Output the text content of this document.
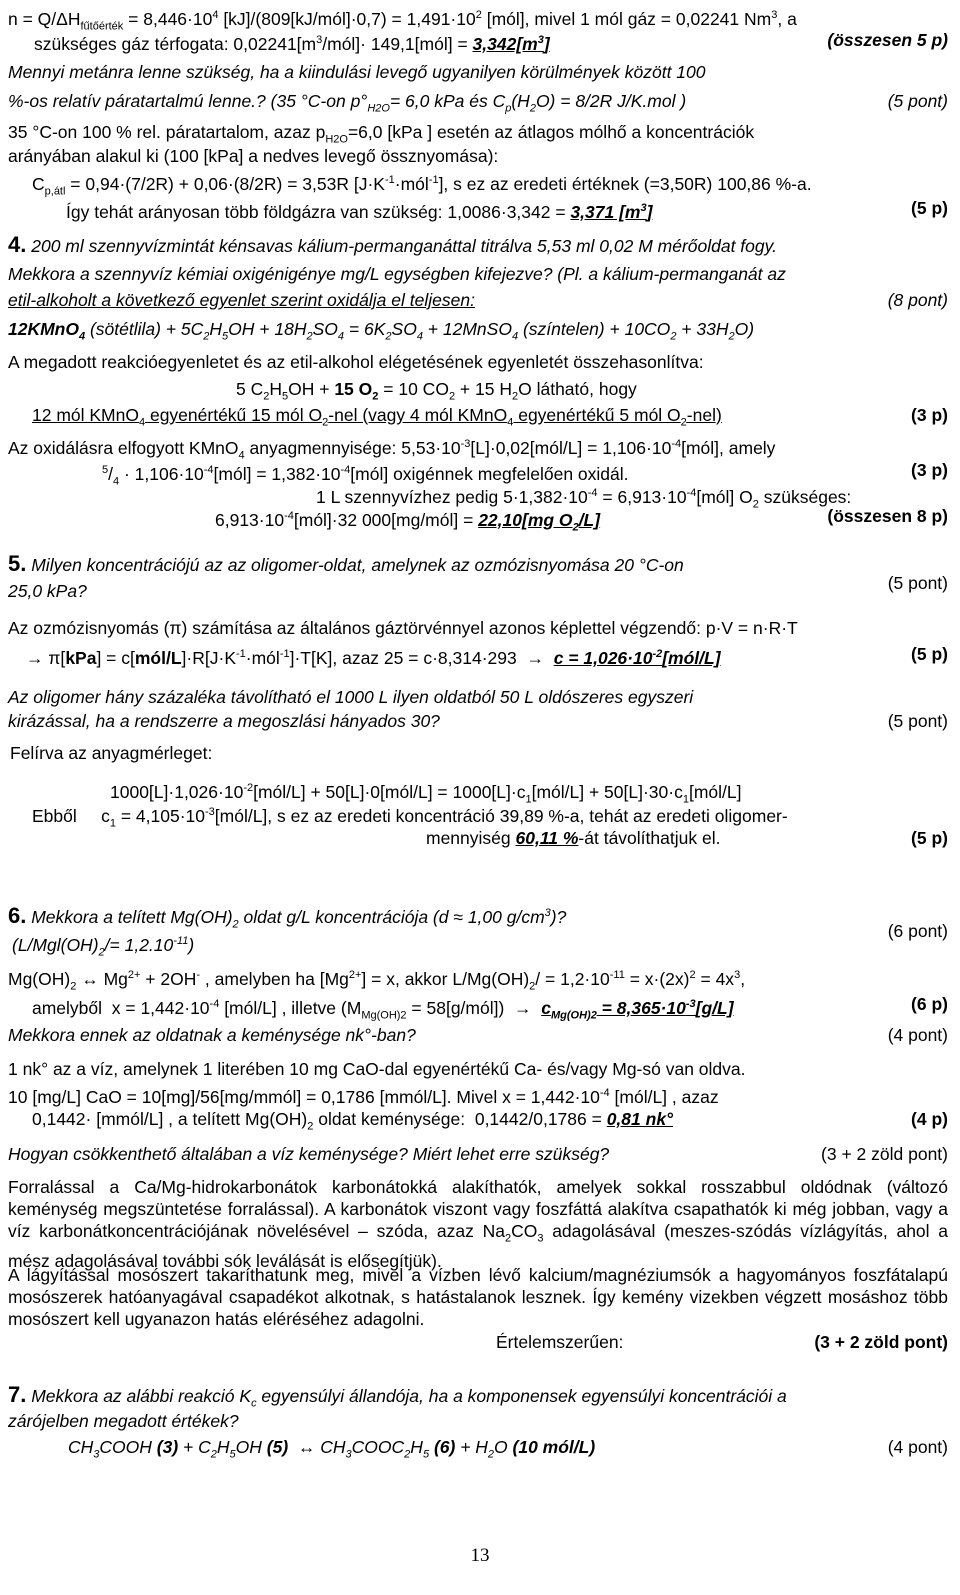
$n = Q/\Delta H_{fűtőérték} = 8,446\cdot 10^4$ [kJ]/(809[kJ/mól]·0,7) = $1,491\cdot 10^2$ [mól], mivel 1 mól gáz = 0,02241 Nm$^3$, a
szükséges gáz térfogata: $0,02241[m^3/mól]\cdot$ 149,1[mól] = $3,342[m^3]$	(összesen 5 p)
Mennyi metánra lenne szükség, ha a kiindulási levegő ugyanilyen körülmények között 100
%-os relatív páratartalmú lenne.? (35 °C-on $p^\circ_{H2O}= 6,0$ kPa és $C_p(H_2O) = 8/2R$ J/K.mol )	(5 pont)
35 °C-on 100 % rel. páratartalom, azaz $p_{H2O}=6,0$ [kPa ] esetén az átlagos mólhő a koncentrációk
arányában alakul ki (100 [kPa] a nedves levegő össznyomása):
$C_{p,átl} = 0,94\cdot(7/2R) + 0,06\cdot(8/2R) = 3,53R$ $[J\cdot K^{-1}\cdot mól^{-1}]$, s ez az eredeti értéknek (=3,50R) 100,86 %-a.
Így tehát arányosan több földgázra van szükség: 1,0086·3,342 = 3,371 $[m^3]$	(5 p)
4. 200 ml szennyvízmintát kénsavas kálium-permanganáttal titrálva 5,53 ml 0,02 M mérőoldat fogy.
Mekkora a szennyvíz kémiai oxigénigénye mg/L egységben kifejezve? (Pl. a kálium-permanganát az
etil-alkoholt a következő egyenlet szerint oxidálja el teljesen:	(8 pont)
12KMnO$_4$ (sötétlila) + $5C_2H_5OH + 18H_2SO_4 = 6K_2SO_4$ + 12MnSO$_4$ (színtelen) + $10CO_2 + 33H_2O$)
A megadott reakcióegyenletet és az etil-alkohol elégetésének egyenletét összehasonlítva:
5 $C_2H_5OH + 15$ $O_2 = 10$ $CO_2 + 15$ $H_2O$ látható, hogy
12 mól KMnO$_4$ egyenértékű 15 mól $O_2$-nel (vagy 4 mól KMnO$_4$ egyenértékű 5 mól $O_2-nel$)	(3 p)
Az oxidálásra elfogyott KMnO$_4$ anyagmennyisége: $5,53\cdot 10^{-3}[L]\cdot 0,02[mól/L]$ = $1,106\cdot 10^{-4}[mól]$, amely
$^5/_4$ · $1,106\cdot 10^{-4}[mól]$ = $1,382\cdot 10^{-4}[mól]$ oxigénnek megfelelően oxidál.	(3 p)
1 L szennyvízhez pedig $5\cdot 1,382\cdot 10^{-4}$ = $6,913\cdot 10^{-4}[mól]$ $O_2$ szükséges:
$6,913\cdot 10^{-4}[mól]\cdot 32$ 000[mg/mól] = 22,10[mg $O_2/L$]	(összesen 8 p)
5. Milyen koncentrációjú az az oligomer-oldat, amelynek az ozmózisnyomása 20 °C-on
25,0 kPa?	(5 pont)
Az ozmózisnyomás (π) számítása az általános gáztörvénnyel azonos képlettel végzendő: p·V = n·R·T
→ $\pi[kPa] = c[mól/L]\cdot R[J\cdot K^{-1}\cdot mól^{-1}]\cdot T[K]$, azaz $25 = c\cdot 8,314\cdot 293 \to c = 1,026\cdot 10^{-2}[mól/L]$	(5 p)
Az oligomer hány százaléka távolítható el 1000 L ilyen oldatból 50 L oldószeres egyszeri
kirázással, ha a rendszerre a megoszlási hányados 30?	(5 pont)
Felírva az anyagmérleget:
$1000[L]\cdot 1,026\cdot 10^{-2}[mól/L]$ + 50[L]·0[mól/L] = $1000[L]\cdot c_1[mól/L]$ + $50[L]\cdot 30\cdot c_1[mól/L]$
Ebből     $c_1$ = $4,105\cdot 10^{-3}[mól/L]$, s ez az eredeti koncentráció 39,89 %-a, tehát az eredeti oligomer-
mennyiség 60,11 %-át távolíthatjuk el.	(5 p)
6. Mekkora a telített $Mg(OH)_2$ oldat g/L koncentrációja (d ≈ 1,00 $g/cm^3$)?
$(L/Mgl(OH)_2/= 1,2.10^{-11})$
(6 pont)
$Mg(OH)_2$ ↔ $Mg^{2+} + 2OH^-$ , amelyben ha $[Mg^{2+}] = x$, akkor $L/Mg(OH)_2/ = 1,2\cdot 10^{-11} = x\cdot(2x)^2 = 4x^3$,
amelyből  $x = 1,442\cdot 10^{-4}$ [mól/L] , illetve ($M_{Mg(OH)2}$ = 58[g/mól])  →  $c_{Mg(OH)2} = 8,365\cdot 10^{-3}[g/L]$	(6 p)
Mekkora ennek az oldatnak a keménysége nk°-ban?	(4 pont)
1 nk° az a víz, amelynek 1 literében 10 mg CaO-dal egyenértékű Ca- és/vagy Mg-só van oldva.
10 [mg/L] CaO = 10[mg]/56[mg/mmól] = 0,1786 [mmól/L]. Mivel $x = 1,442\cdot 10^{-4}$ [mól/L] , azaz
0,1442· [mmól/L] , a telített $Mg(OH)_2$ oldat keménysége:  0,1442/0,1786 = 0,81 nk°	(4 p)
Hogyan csökkenthető általában a víz keménysége? Miért lehet erre szükség?	(3 + 2 zöld pont)
Forralással a Ca/Mg-hidrokarbonátok karbonátokká alakíthatók, amelyek sokkal rosszabbul oldódnak (változó keménység megszüntetése forralással). A karbonátok viszont vagy foszfáttá alakítva csapathatók ki még jobban, vagy a víz karbonátkoncentrációjának növelésével – szóda, azaz $Na_2CO_3$ adagolásával (meszes-szódás vízlágyítás, ahol a mész adagolásával további sók leválását is elősegítjük).
A lágyítással mosószert takaríthatunk meg, mivel a vízben lévő kalcium/magnéziumsók a hagyományos foszfátalapú mosószerek hatóanyagával csapadékot alkotnak, s hatástalanok lesznek. Így kemény vizekben végzett mosáshoz több mosószert kell ugyanazon hatás eléréséhez adagolni.
Értelemszerűen:	(3 + 2 zöld pont)
7. Mekkora az alábbi reakció $K_c$ egyensúlyi állandója, ha a komponensek egyensúlyi koncentrációi a
zárójelben megadott értékek?
$CH_3COOH$ $(3) + C_2H_5OH$ (5)  ↔ $CH_3COOC_2H_5$ $(6) + H_2O$ (10 mól/L)	(4 pont)
13
